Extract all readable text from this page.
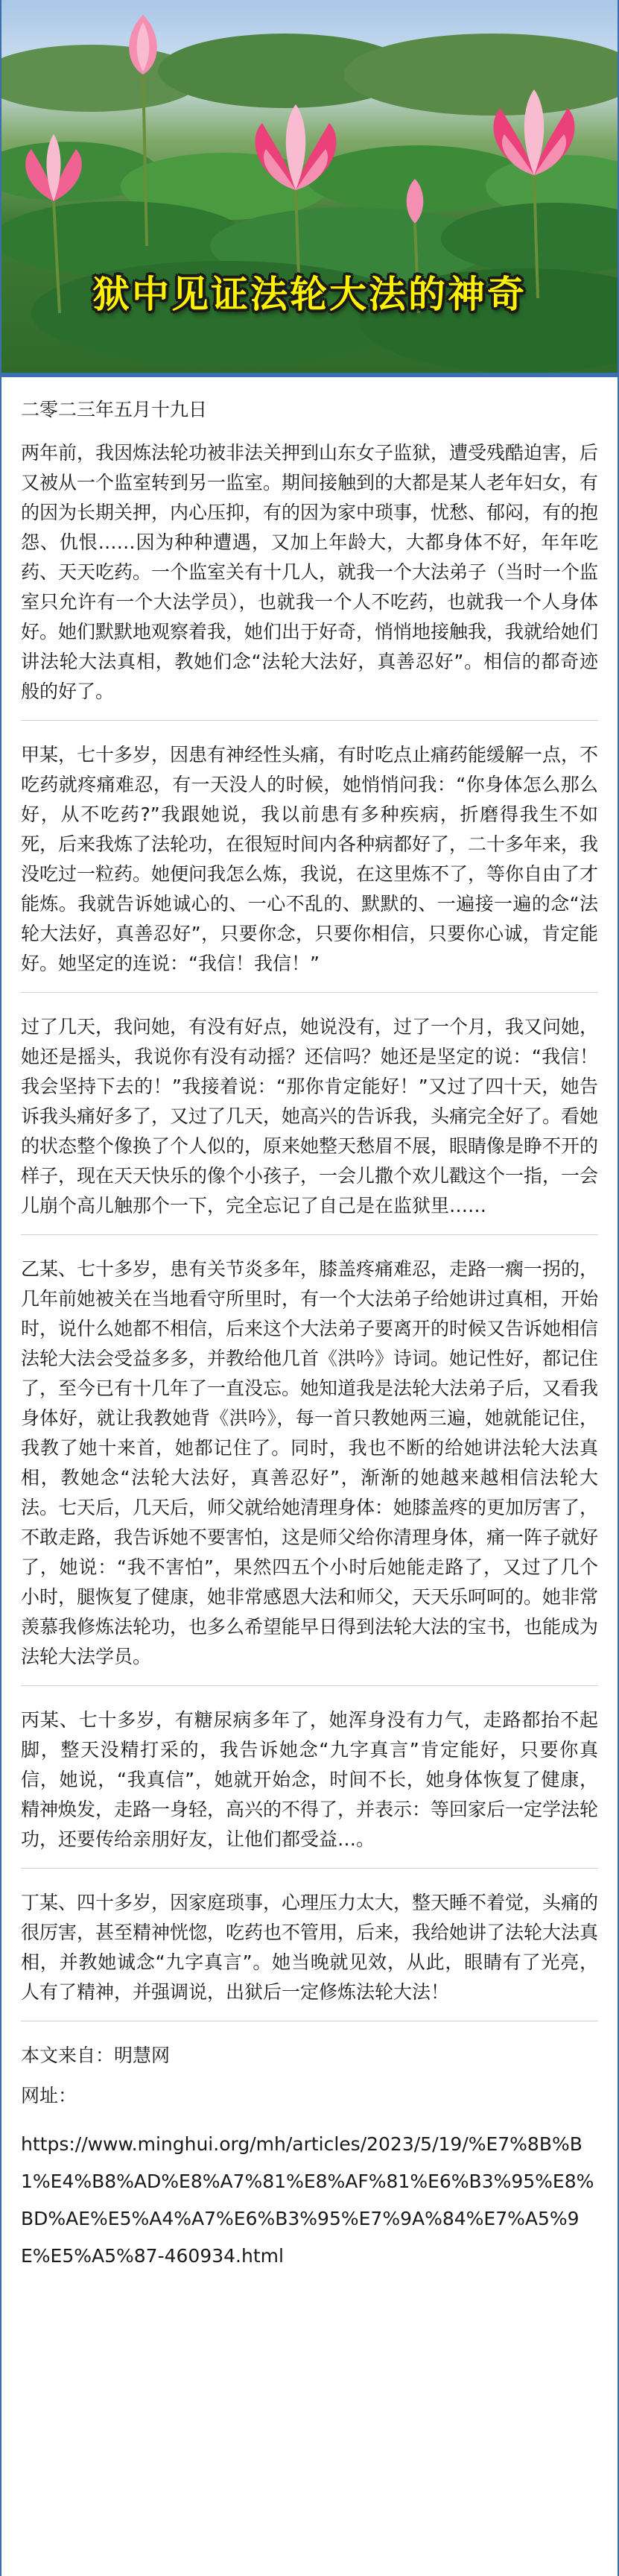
狱中见证法轮大法的神奇
二零二三年五月十九日

两年前，我因炼法轮功被非法关押到山东女子监狱，遭受残酷迫害，后又被从一个监室转到另一监室。期间接触到的大都是某人老年妇女，有的因为长期关押，内心压抑，有的因为家中琐事，忧愁、郁闷，有的抱怨、仇恨……因为种种遭遇，又加上年龄大，大都身体不好，年年吃药、天天吃药。一个监室关有十几人，就我一个大法弟子（当时一个监室只允许有一个大法学员），也就我一个人不吃药，也就我一个人身体好。她们默默地观察着我，她们出于好奇，悄悄地接触我，我就给她们讲法轮大法真相，教她们念“法轮大法好，真善忍好”。相信的都奇迹般的好了。

甲某，七十多岁，因患有神经性头痛，有时吃点止痛药能缓解一点，不吃药就疼痛难忍，有一天没人的时候，她悄悄问我：“你身体怎么那么好，从不吃药?”我跟她说，我以前患有多种疾病，折磨得我生不如死，后来我炼了法轮功，在很短时间内各种病都好了，二十多年来，我没吃过一粒药。她便问我怎么炼，我说，在这里炼不了，等你自由了才能炼。我就告诉她诚心的、一心不乱的、默默的、一遍接一遍的念“法轮大法好，真善忍好”，只要你念，只要你相信，只要你心诚，肯定能好。她坚定的连说：“我信！我信！”

过了几天，我问她，有没有好点，她说没有，过了一个月，我又问她，她还是摇头，我说你有没有动摇？还信吗？她还是坚定的说：“我信！我会坚持下去的！”我接着说：“那你肯定能好！”又过了四十天，她告诉我头痛好多了，又过了几天，她高兴的告诉我，头痛完全好了。看她的状态整个像换了个人似的，原来她整天愁眉不展，眼睛像是睁不开的样子，现在天天快乐的像个小孩子，一会儿撒个欢儿戳这个一指，一会儿崩个高儿触那个一下，完全忘记了自己是在监狱里……

乙某、七十多岁，患有关节炎多年，膝盖疼痛难忍，走路一瘸一拐的，几年前她被关在当地看守所里时，有一个大法弟子给她讲过真相，开始时，说什么她都不相信，后来这个大法弟子要离开的时候又告诉她相信法轮大法会受益多多，并教给他几首《洪吟》诗词。她记性好，都记住了，至今已有十几年了一直没忘。她知道我是法轮大法弟子后，又看我身体好，就让我教她背《洪吟》，每一首只教她两三遍，她就能记住，我教了她十来首，她都记住了。同时，我也不断的给她讲法轮大法真相，教她念“法轮大法好，真善忍好”，渐渐的她越来越相信法轮大法。七天后，几天后，师父就给她清理身体：她膝盖疼的更加厉害了，不敢走路，我告诉她不要害怕，这是师父给你清理身体，痛一阵子就好了，她说：“我不害怕”，果然四五个小时后她能走路了，又过了几个小时，腿恢复了健康，她非常感恩大法和师父，天天乐呵呵的。她非常羡慕我修炼法轮功，也多么希望能早日得到法轮大法的宝书，也能成为法轮大法学员。

丙某、七十多岁，有糖尿病多年了，她浑身没有力气，走路都抬不起脚，整天没精打采的，我告诉她念“九字真言”肯定能好，只要你真信，她说，“我真信”，她就开始念，时间不长，她身体恢复了健康，精神焕发，走路一身轻，高兴的不得了，并表示：等回家后一定学法轮功，还要传给亲朋好友，让他们都受益…。

丁某、四十多岁，因家庭琐事，心理压力太大，整天睡不着觉，头痛的很厉害，甚至精神恍惚，吃药也不管用，后来，我给她讲了法轮大法真相，并教她诚念“九字真言”。她当晚就见效，从此，眼睛有了光亮，人有了精神，并强调说，出狱后一定修炼法轮大法！

本文来自：明慧网
网址：

https://www.minghui.org/mh/articles/2023/5/19/%E7%8B%B1%E4%B8%AD%E8%A7%81%E8%AF%81%E6%B3%95%E8%BD%AE%E5%A4%A7%E6%B3%95%E7%9A%84%E7%A5%9E%E5%A5%87-460934.html
